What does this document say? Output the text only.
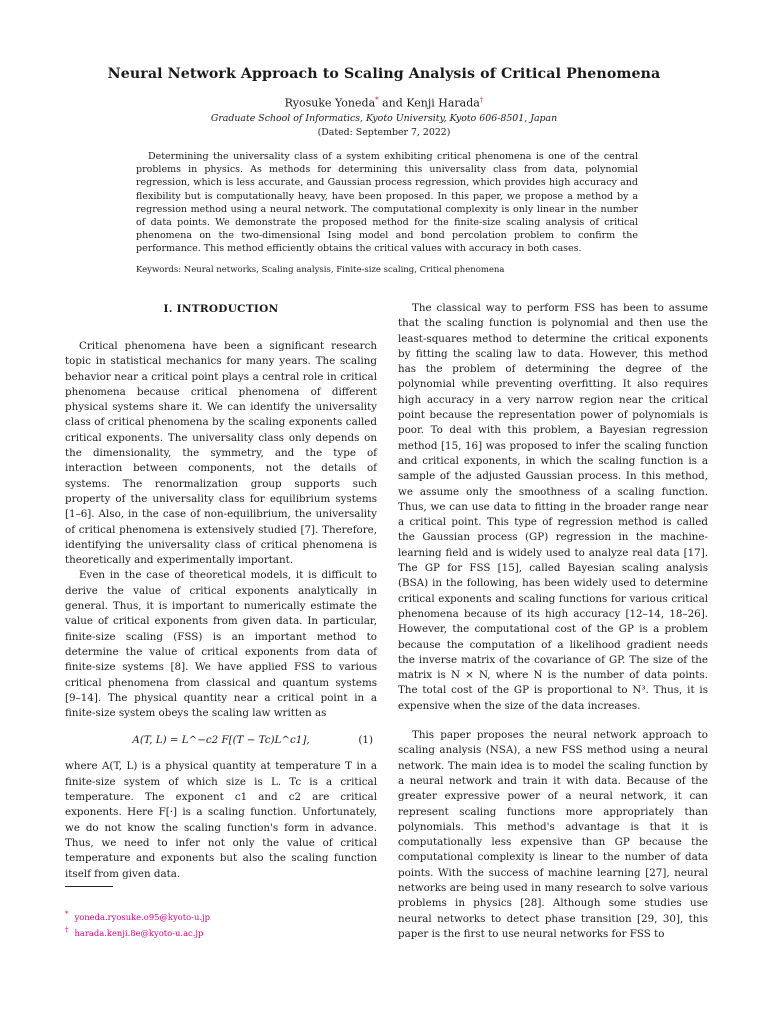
Neural Network Approach to Scaling Analysis of Critical Phenomena
Ryosuke Yoneda* and Kenji Harada†
Graduate School of Informatics, Kyoto University, Kyoto 606-8501, Japan
(Dated: September 7, 2022)
Determining the universality class of a system exhibiting critical phenomena is one of the central problems in physics. As methods for determining this universality class from data, polynomial regression, which is less accurate, and Gaussian process regression, which provides high accuracy and flexibility but is computationally heavy, have been proposed. In this paper, we propose a method by a regression method using a neural network. The computational complexity is only linear in the number of data points. We demonstrate the proposed method for the finite-size scaling analysis of critical phenomena on the two-dimensional Ising model and bond percolation problem to confirm the performance. This method efficiently obtains the critical values with accuracy in both cases.
Keywords: Neural networks, Scaling analysis, Finite-size scaling, Critical phenomena
I. INTRODUCTION

Critical phenomena have been a significant research topic in statistical mechanics for many years. The scaling behavior near a critical point plays a central role in critical phenomena because critical phenomena of different physical systems share it. We can identify the universality class of critical phenomena by the scaling exponents called critical exponents. The universality class only depends on the dimensionality, the symmetry, and the type of interaction between components, not the details of systems. The renormalization group supports such property of the universality class for equilibrium systems [1–6]. Also, in the case of non-equilibrium, the universality of critical phenomena is extensively studied [7]. Therefore, identifying the universality class of critical phenomena is theoretically and experimentally important.

Even in the case of theoretical models, it is difficult to derive the value of critical exponents analytically in general. Thus, it is important to numerically estimate the value of critical exponents from given data. In particular, finite-size scaling (FSS) is an important method to determine the value of critical exponents from data of finite-size systems [8]. We have applied FSS to various critical phenomena from classical and quantum systems [9–14]. The physical quantity near a critical point in a finite-size system obeys the scaling law written as

A(T, L) = L^−c2 F[(T − Tc)L^c1],	(1)

where A(T, L) is a physical quantity at temperature T in a finite-size system of which size is L. Tc is a critical temperature. The exponent c1 and c2 are critical exponents. Here F[·] is a scaling function. Unfortunately, we do not know the scaling function's form in advance. Thus, we need to infer not only the value of critical temperature and exponents but also the scaling function itself from given data.

The classical way to perform FSS has been to assume that the scaling function is polynomial and then use the least-squares method to determine the critical exponents by fitting the scaling law to data. However, this method has the problem of determining the degree of the polynomial while preventing overfitting. It also requires high accuracy in a very narrow region near the critical point because the representation power of polynomials is poor. To deal with this problem, a Bayesian regression method [15, 16] was proposed to infer the scaling function and critical exponents, in which the scaling function is a sample of the adjusted Gaussian process. In this method, we assume only the smoothness of a scaling function. Thus, we can use data to fitting in the broader range near a critical point. This type of regression method is called the Gaussian process (GP) regression in the machine-learning field and is widely used to analyze real data [17]. The GP for FSS [15], called Bayesian scaling analysis (BSA) in the following, has been widely used to determine critical exponents and scaling functions for various critical phenomena because of its high accuracy [12–14, 18–26]. However, the computational cost of the GP is a problem because the computation of a likelihood gradient needs the inverse matrix of the covariance of GP. The size of the matrix is N × N, where N is the number of data points. The total cost of the GP is proportional to N³. Thus, it is expensive when the size of the data increases.

This paper proposes the neural network approach to scaling analysis (NSA), a new FSS method using a neural network. The main idea is to model the scaling function by a neural network and train it with data. Because of the greater expressive power of a neural network, it can represent scaling functions more appropriately than polynomials. This method's advantage is that it is computationally less expensive than GP because the computational complexity is linear to the number of data points. With the success of machine learning [27], neural networks are being used in many research to solve various problems in physics [28]. Although some studies use neural networks to detect phase transition [29, 30], this paper is the first to use neural networks for FSS to

* yoneda.ryosuke.o95@kyoto-u.jp
† harada.kenji.8e@kyoto-u.ac.jp
